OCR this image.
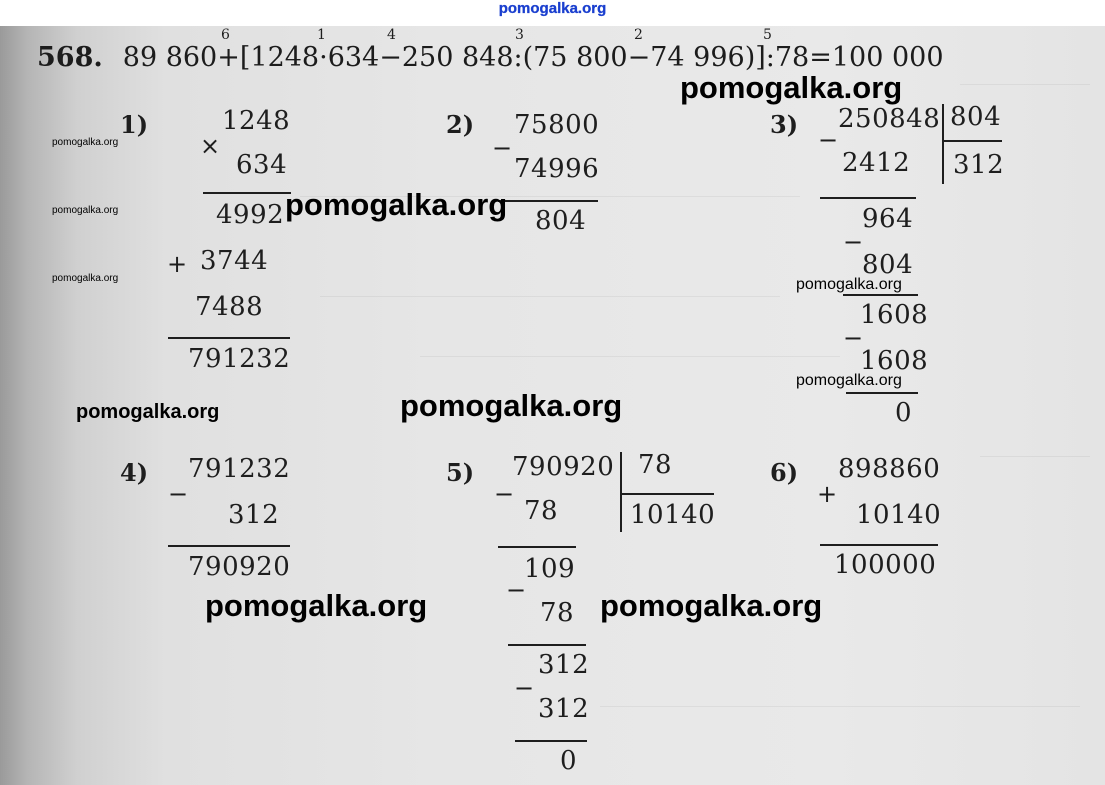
pomogalka.org
6	1	4	3	2	5
568. 89 860+[1248·634−250 848:(75 800−74 996)]:78=100 000
1)	1248
×
634
4992
+ 3744
7488
791232
2) 75800
−
74996
804
3)
−
250848 804
312
2412
964
−
804
1608
−
1608
0
4) 791232
−
312
790920
5)
−
790920 78
10140
78
109
−
78
312
−
312
0
6) 898860
+
10140
100000
pomogalka.org
pomogalka.org
pomogalka.org
pomogalka.org	pomogalka.org
pomogalka.org
pomogalka.org
pomogalka.org
pomogalka.org
pomogalka.org
pomogalka.org
